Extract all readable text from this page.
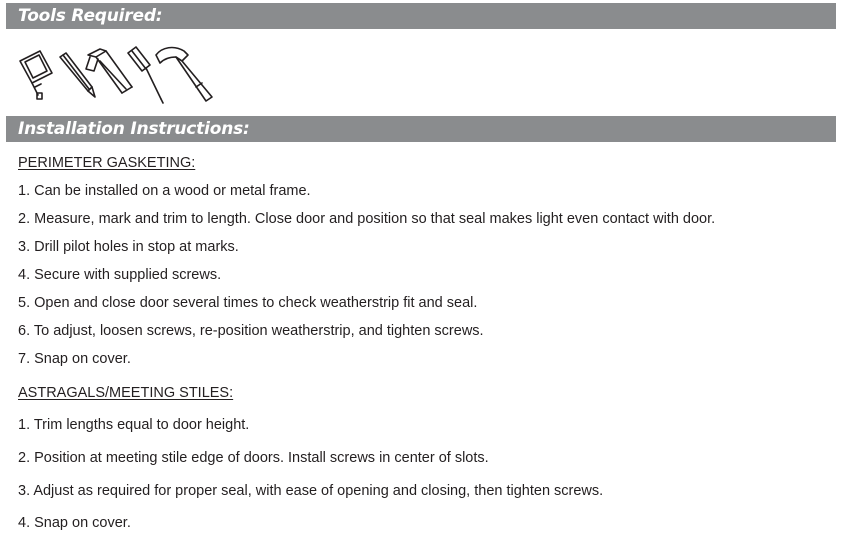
Tools Required:
Installation Instructions:
PERIMETER GASKETING:
1. Can be installed on a wood or metal frame.
2. Measure, mark and trim to length. Close door and position so that seal makes light even contact with door.
3. Drill pilot holes in stop at marks.
4. Secure with supplied screws.
5. Open and close door several times to check weatherstrip fit and seal.
6. To adjust, loosen screws, re-position weatherstrip, and tighten screws.
7. Snap on cover.
ASTRAGALS/MEETING STILES:
1. Trim lengths equal to door height.
2. Position at meeting stile edge of doors. Install screws in center of slots.
3. Adjust as required for proper seal, with ease of opening and closing, then tighten screws.
4. Snap on cover.
